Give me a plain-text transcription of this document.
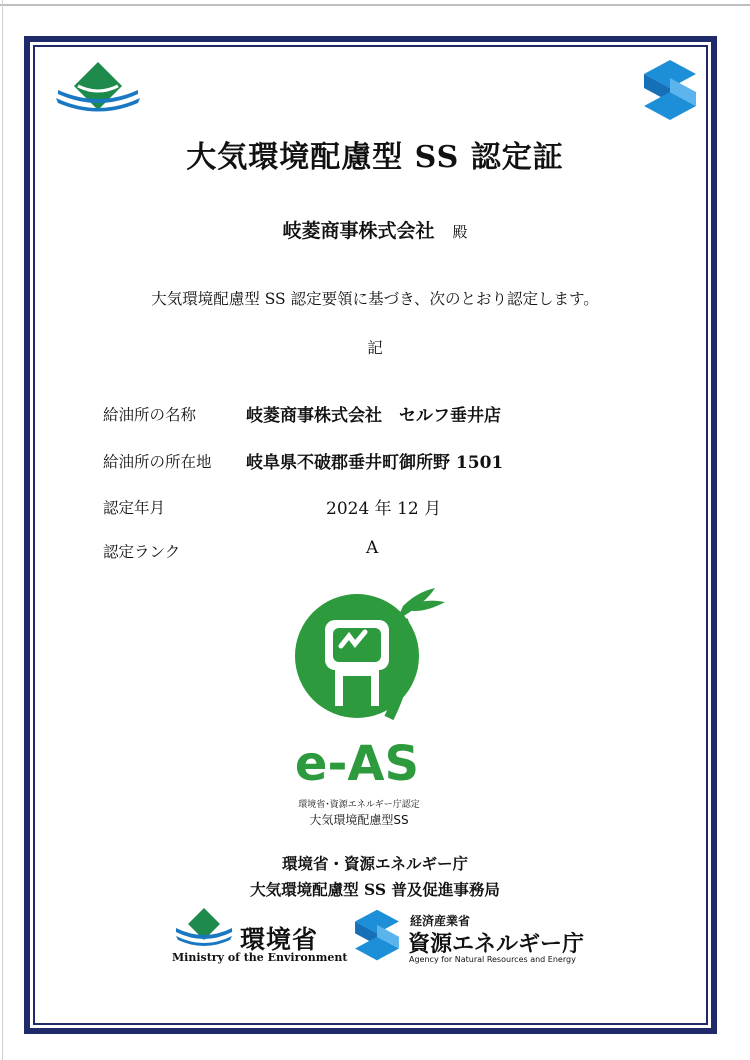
大気環境配慮型 SS 認定証
岐菱商事株式会社 殿
大気環境配慮型 SS 認定要領に基づき、次のとおり認定します。
記
給油所の名称	岐菱商事株式会社　セルフ垂井店
給油所の所在地 岐阜県不破郡垂井町御所野 1501
認定年月	2024 年 12 月
認定ランク	A
e-AS
環境省･資源エネルギー庁認定
大気環境配慮型SS
環境省・資源エネルギー庁
大気環境配慮型 SS 普及促進事務局
環境省
Ministry of the Environment
経済産業省
資源エネルギー庁
Agency for Natural Resources and Energy
